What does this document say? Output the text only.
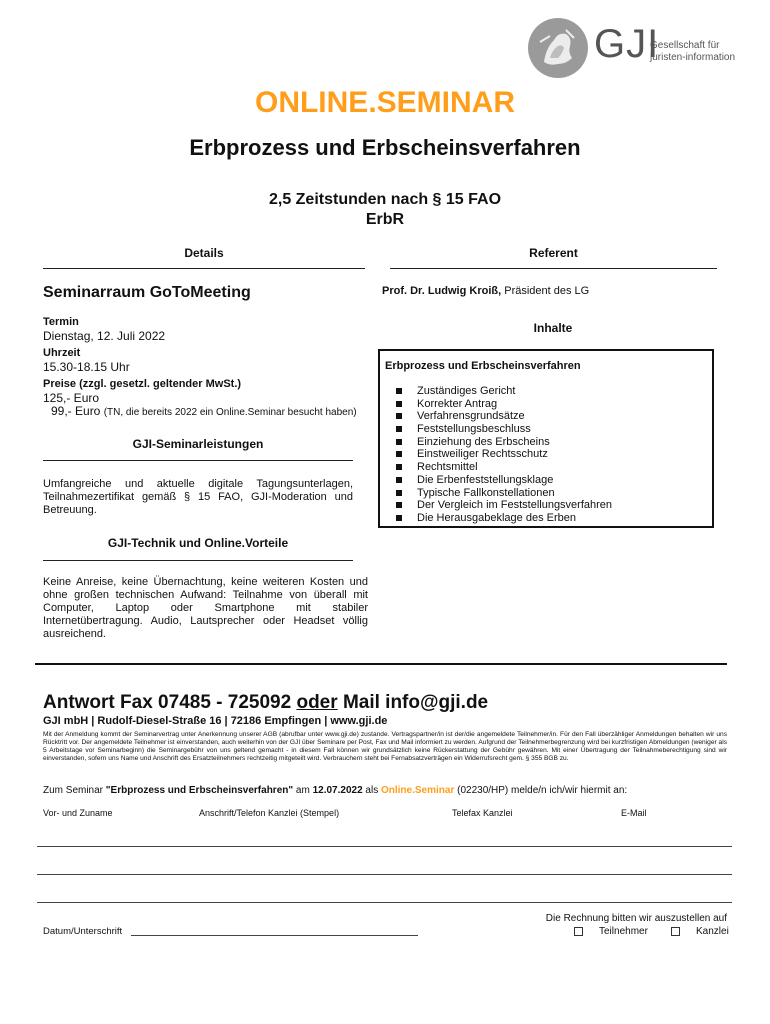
GJI
Gesellschaft für
juristen-information
ONLINE.SEMINAR
Erbprozess und Erbscheinsverfahren
2,5 Zeitstunden nach § 15 FAO
ErbR
Details	Referent
Seminarraum GoToMeeting
Termin
Dienstag, 12. Juli 2022
Uhrzeit
15.30-18.15 Uhr
Preise (zzgl. gesetzl. geltender MwSt.)
125,- Euro
99,- Euro (TN, die bereits 2022 ein Online.Seminar besucht haben)
GJI-Seminarleistungen
Umfangreiche und aktuelle digitale Tagungsunterlagen, Teilnahmezertifikat gemäß § 15 FAO, GJI-Moderation und Betreuung.
GJI-Technik und Online.Vorteile
Keine Anreise, keine Übernachtung, keine weiteren Kosten und ohne großen technischen Aufwand: Teilnahme von überall mit Computer, Laptop oder Smartphone mit stabiler Internetübertragung. Audio, Lautsprecher oder Headset völlig ausreichend.
Prof. Dr. Ludwig Kroiß, Präsident des LG
Inhalte
Erbprozess und Erbscheinsverfahren
Zuständiges Gericht
Korrekter Antrag
Verfahrensgrundsätze
Feststellungsbeschluss
Einziehung des Erbscheins
Einstweiliger Rechtsschutz
Rechtsmittel
Die Erbenfeststellungsklage
Typische Fallkonstellationen
Der Vergleich im Feststellungsverfahren
Die Herausgabeklage des Erben
Antwort Fax 07485 - 725092 oder Mail info@gji.de
GJI mbH | Rudolf-Diesel-Straße 16 | 72186 Empfingen | www.gji.de
Mit der Anmeldung kommt der Seminarvertrag unter Anerkennung unserer AGB (abrufbar unter www.gji.de) zustande. Vertragspartner/in ist der/die angemeldete Teilnehmer/in. Für den Fall überzähliger Anmeldungen behalten wir uns Rücktritt vor. Der angemeldete Teilnehmer ist einverstanden, auch weiterhin von der GJI über Seminare per Post, Fax und Mail informiert zu werden. Aufgrund der Teilnehmerbegrenzung wird bei kurzfristigen Abmeldungen (weniger als 5 Arbeitstage vor Seminarbeginn) die Seminargebühr von uns geltend gemacht - in diesem Fall können wir grundsätzlich keine Rückerstattung der Gebühr gewähren. Mit einer Übertragung der Teilnahmeberechtigung sind wir einverstanden, sofern uns Name und Anschrift des Ersatzteilnehmers rechtzeitig mitgeteilt wird. Verbrauchern steht bei Fernabsatzverträgen ein Widerrufsrecht gem. § 355 BGB zu.
Zum Seminar "Erbprozess und Erbscheinsverfahren" am 12.07.2022 als Online.Seminar (02230/HP) melde/n ich/wir hiermit an:
Vor- und Zuname	Anschrift/Telefon Kanzlei (Stempel)	Telefax Kanzlei	E-Mail
Datum/Unterschrift
Die Rechnung bitten wir auszustellen auf
Teilnehmer	Kanzlei
